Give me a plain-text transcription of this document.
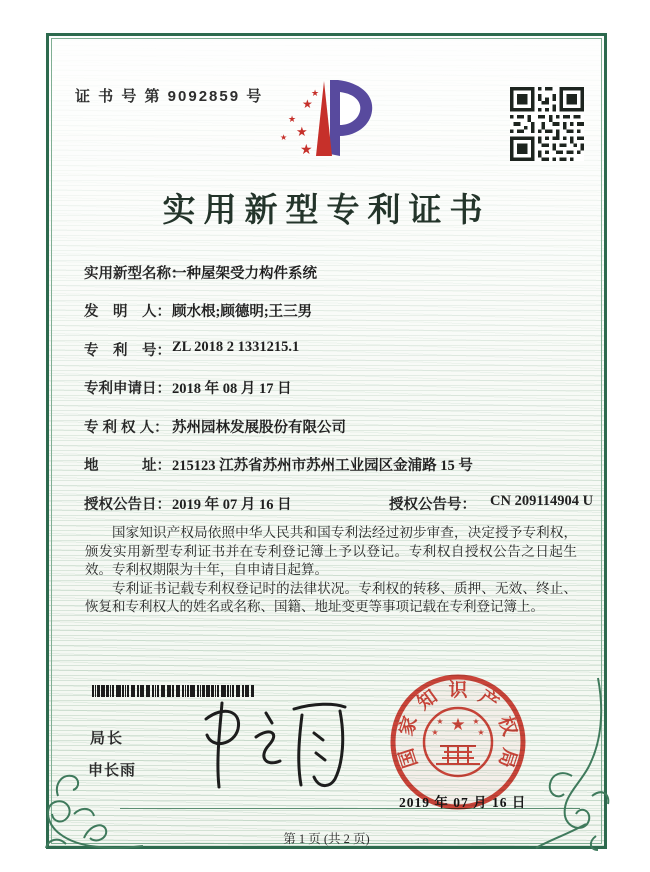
证 书 号 第 9092859 号	★
★
★
★
★
★
实用新型专利证书
实用新型名称：
一种屋架受力构件系统
发　明　人： 顾水根;顾德明;王三男
专　利　号： ZL 2018 2 1331215.1
专利申请日： 2018 年 08 月 17 日
专 利 权 人： 苏州园林发展股份有限公司
地　　　址： 215123 江苏省苏州市苏州工业园区金浦路 15 号
授权公告日： 2019 年 07 月 16 日	授权公告号： CN 209114904 U

国家知识产权局依照中华人民共和国专利法经过初步审查，决定授予专利权，颁发实用新型专利证书并在专利登记簿上予以登记。专利权自授权公告之日起生效。专利权期限为十年，自申请日起算。

专利证书记载专利权登记时的法律状况。专利权的转移、质押、无效、终止、恢复和专利权人的姓名或名称、国籍、地址变更等事项记载在专利登记簿上。

局长
申长雨
国
家
知 识 产
权
局
★
★	★
★	★
2019 年 07 月 16 日
第 1 页 (共 2 页)
